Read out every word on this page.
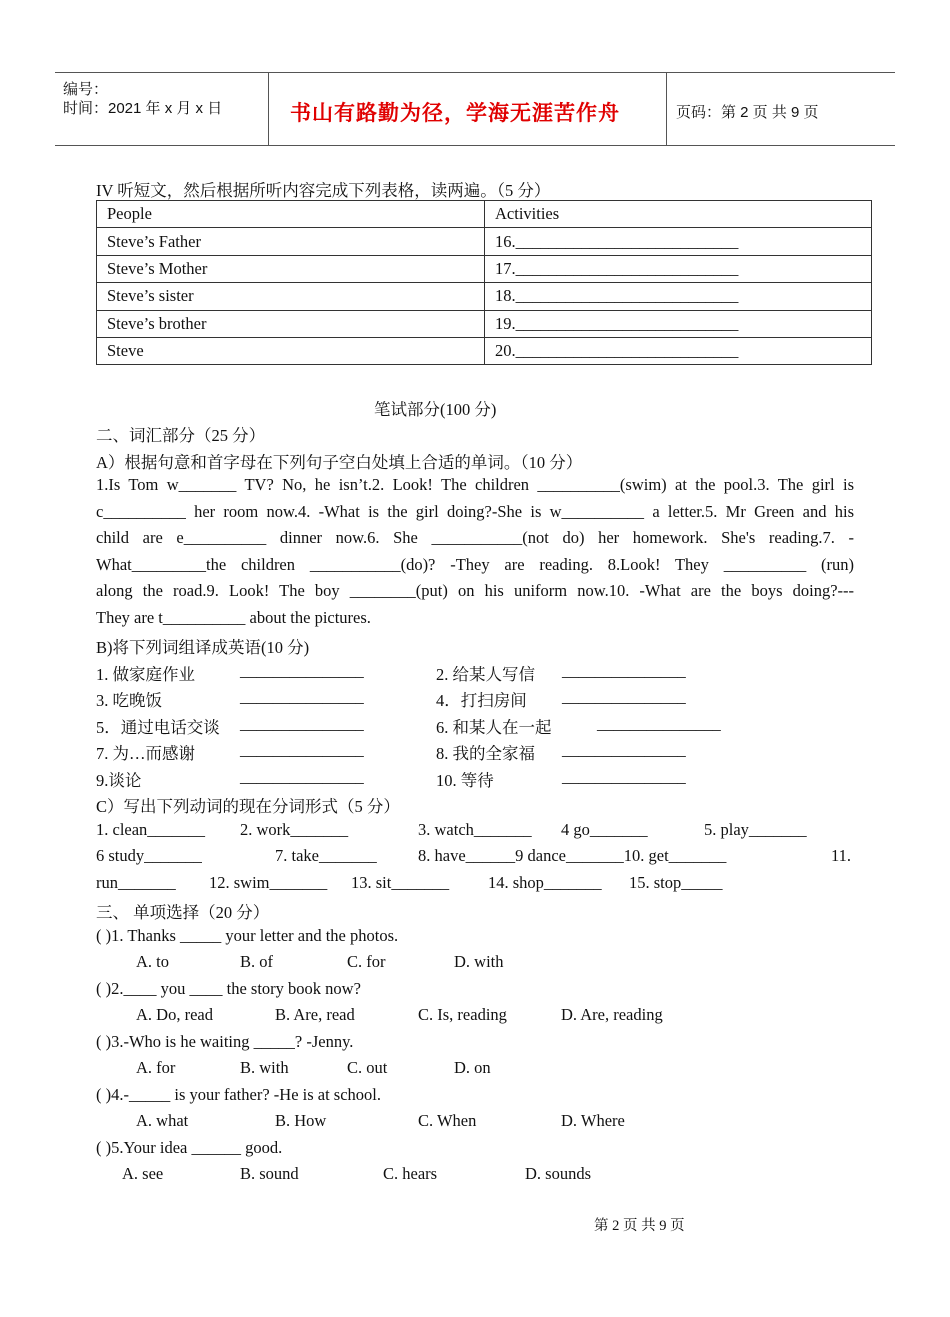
编号：
时间：2021 年 x 月 x 日	书山有路勤为径，学海无涯苦作舟	页码：第 2 页 共 9 页
IV 听短文，然后根据所听内容完成下列表格，读两遍。（5 分）
People	Activities
Steve’s Father	16.___________________________
Steve’s Mother	17.___________________________
Steve’s sister	18.___________________________
Steve’s brother	19.___________________________
Steve	20.___________________________
笔试部分(100 分)
二、词汇部分（25 分）
A）根据句意和首字母在下列句子空白处填上合适的单词。（10 分）
1.Is Tom w_______ TV? No, he isn’t.2. Look! The children __________(swim) at the pool.3. The girl is
c__________ her room now.4. -What is the girl doing?-She is w__________ a letter.5. Mr Green and his
child are e__________ dinner now.6. She ___________(not do) her homework. She's reading.7. -
What_________the children ___________(do)? -They are reading. 8.Look! They __________ (run)
along the road.9. Look! The boy ________(put) on his uniform now.10. -What are the boys doing?---
They are t__________ about the pictures.
B)将下列词组译成英语(10 分)
1. 做家庭作业	_______________	2. 给某人写信 _______________
3. 吃晚饭	_______________	4．打扫房间 _______________
5．通过电话交谈 _______________	6. 和某人在一起	_______________
7. 为…而感谢	_______________	8. 我的全家福 _______________
9.谈论	_______________	10. 等待	_______________
C）写出下列动词的现在分词形式（5 分）
1. clean_______ 2. work_______	3. watch_______ 4 go_______	5. play_______
6 study_______	7. take_______	8. have______9 dance_______10. get_______	11.
run_______ 12. swim_______ 13. sit_______ 14. shop_______ 15. stop_____
三、 单项选择（20 分）
( )1. Thanks _____ your letter and the photos.
A. to	B. of	C. for	D. with
( )2.____ you ____ the story book now?
A. Do, read	B. Are, read	C. Is, reading	D. Are, reading
( )3.-Who is he waiting _____? -Jenny.
A. for	B. with	C. out	D. on
( )4.-_____ is your father? -He is at school.
A. what	B. How	C. When	D. Where
( )5.Your idea ______ good.
A. see	B. sound	C. hears	D. sounds
第 2 页 共 9 页
